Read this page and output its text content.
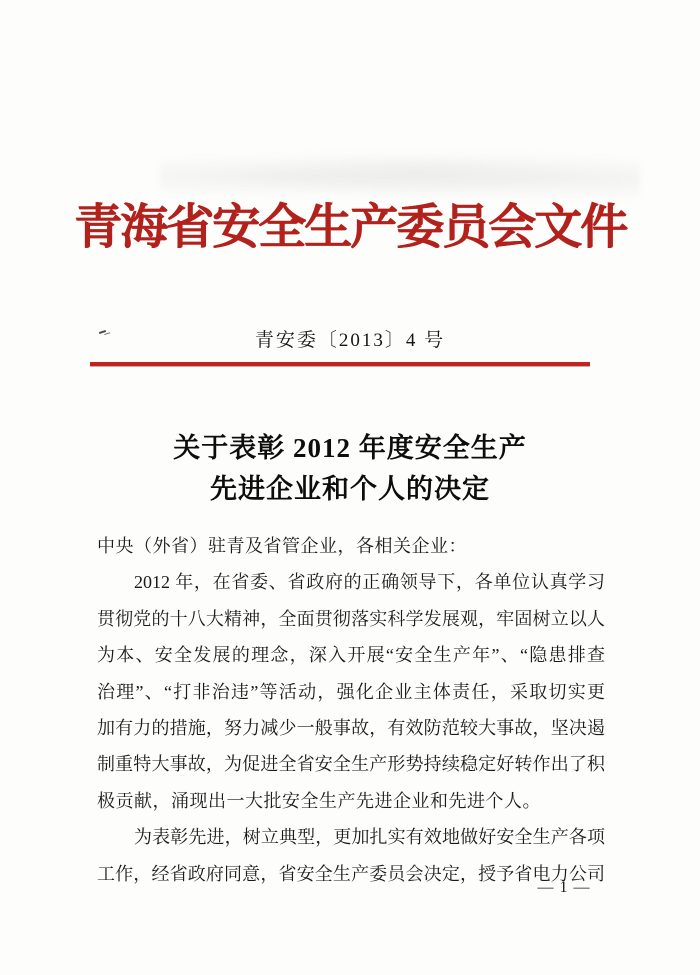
青海省安全生产委员会文件
青安委〔2013〕4 号
关于表彰 2012 年度安全生产
先进企业和个人的决定
中央（外省）驻青及省管企业，各相关企业：
2012 年，在省委、省政府的正确领导下，各单位认真学习
贯彻党的十八大精神，全面贯彻落实科学发展观，牢固树立以人
为本、安全发展的理念，深入开展“安全生产年”、“隐患排查
治理”、“打非治违”等活动，强化企业主体责任，采取切实更
加有力的措施，努力减少一般事故，有效防范较大事故，坚决遏
制重特大事故，为促进全省安全生产形势持续稳定好转作出了积
极贡献，涌现出一大批安全生产先进企业和先进个人。
为表彰先进，树立典型，更加扎实有效地做好安全生产各项
工作，经省政府同意，省安全生产委员会决定，授予省电力公司
— 1 —
